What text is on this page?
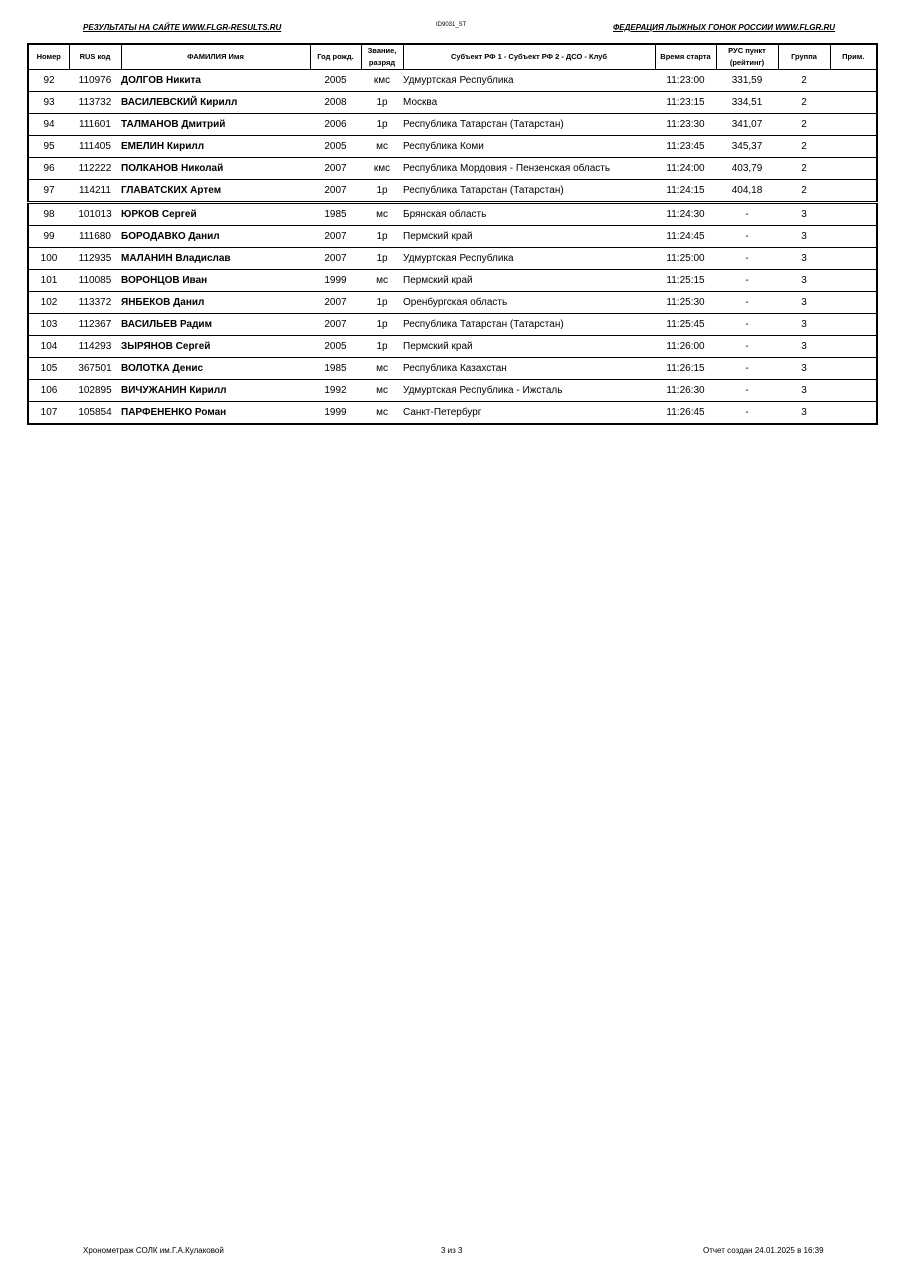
РЕЗУЛЬТАТЫ НА САЙТЕ WWW.FLGR-RESULTS.RU	ID9031_ST	ФЕДЕРАЦИЯ ЛЫЖНЫХ ГОНОК РОССИИ WWW.FLGR.RU
Номер	RUS код	ФАМИЛИЯ Имя	Год рожд.	Звание, разряд	Субъект РФ 1 - Субъект РФ 2 - ДСО - Клуб	Время старта	РУС пункт (рейтинг)	Группа	Прим.
92	110976	ДОЛГОВ Никита	2005	кмс	Удмуртская Республика	11:23:00	331,59	2	
93	113732	ВАСИЛЕВСКИЙ Кирилл	2008	1р	Москва	11:23:15	334,51	2	
94	111601	ТАЛМАНОВ Дмитрий	2006	1р	Республика Татарстан (Татарстан)	11:23:30	341,07	2	
95	111405	ЕМЕЛИН Кирилл	2005	мс	Республика Коми	11:23:45	345,37	2	
96	112222	ПОЛКАНОВ Николай	2007	кмс	Республика Мордовия - Пензенская область	11:24:00	403,79	2	
97	114211	ГЛАВАТСКИХ Артем	2007	1р	Республика Татарстан (Татарстан)	11:24:15	404,18	2	
98	101013	ЮРКОВ Сергей	1985	мс	Брянская область	11:24:30	-	3	
99	111680	БОРОДАВКО Данил	2007	1р	Пермский край	11:24:45	-	3	
100	112935	МАЛАНИН Владислав	2007	1р	Удмуртская Республика	11:25:00	-	3	
101	110085	ВОРОНЦОВ Иван	1999	мс	Пермский край	11:25:15	-	3	
102	113372	ЯНБЕКОВ Данил	2007	1р	Оренбургская область	11:25:30	-	3	
103	112367	ВАСИЛЬЕВ Радим	2007	1р	Республика Татарстан (Татарстан)	11:25:45	-	3	
104	114293	ЗЫРЯНОВ Сергей	2005	1р	Пермский край	11:26:00	-	3	
105	367501	ВОЛОТКА Денис	1985	мс	Республика Казахстан	11:26:15	-	3	
106	102895	ВИЧУЖАНИН Кирилл	1992	мс	Удмуртская Республика - Ижсталь	11:26:30	-	3	
107	105854	ПАРФЕНЕНКО Роман	1999	мс	Санкт-Петербург	11:26:45	-	3	
Хронометраж СОЛК им.Г.А.Кулаковой	3 из 3	Отчет создан 24.01.2025 в 16:39
